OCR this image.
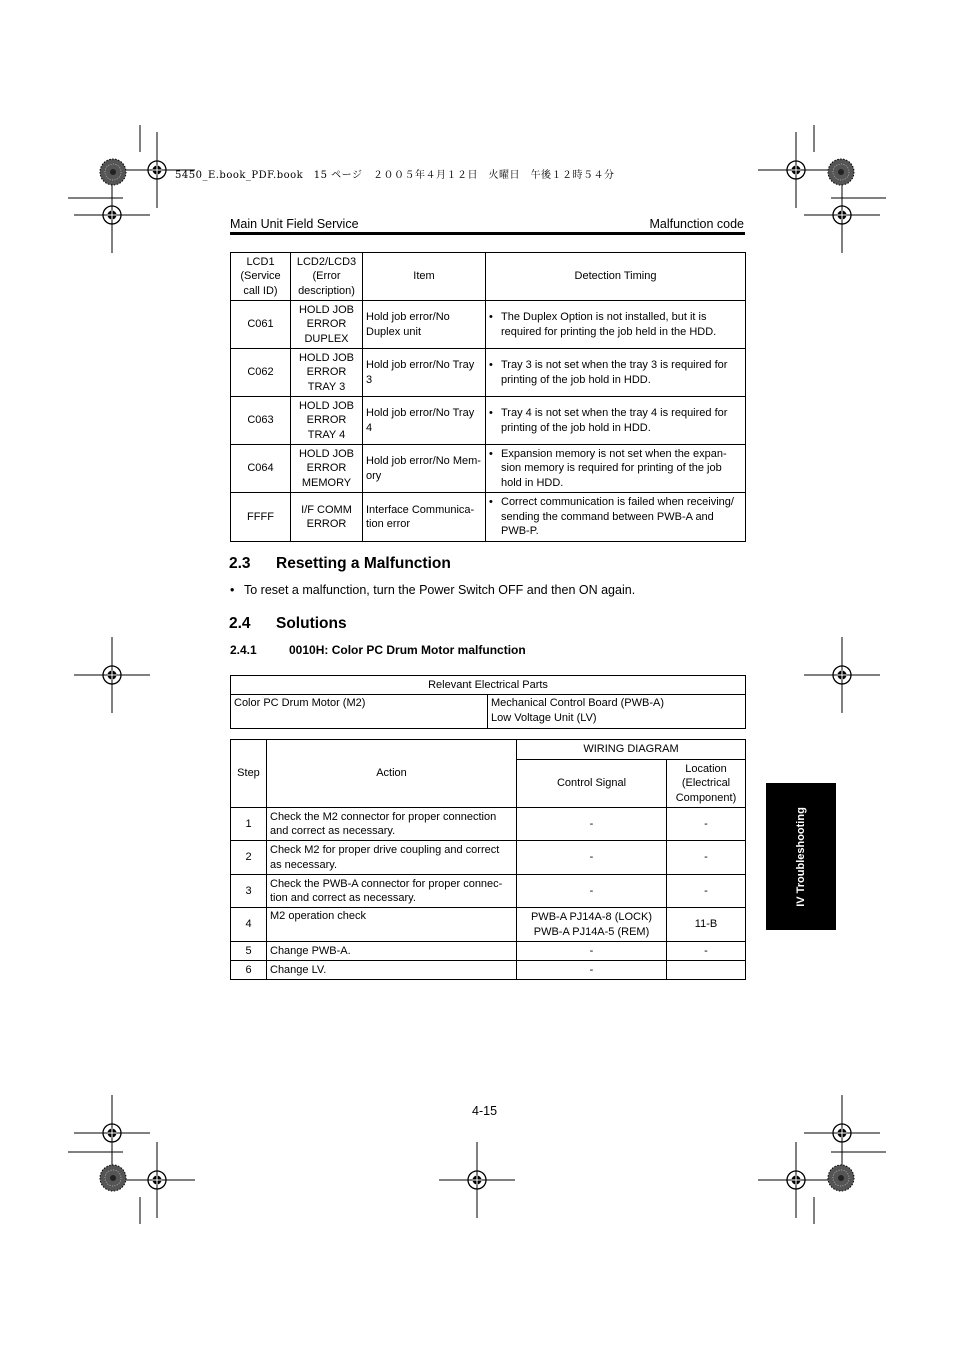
5450_E.book_PDF.book　15 ページ　２００５年４月１２日　火曜日　午後１２時５４分
Main Unit Field Service	Malfunction code
LCD1 (Service call ID)	LCD2/LCD3 (Error description)	Item	Detection Timing
C061	HOLD JOB ERROR DUPLEX	Hold job error/No Duplex unit	• The Duplex Option is not installed, but it is required for printing the job held in the HDD.

C062	HOLD JOB ERROR TRAY 3	Hold job error/No Tray 3	• Tray 3 is not set when the tray 3 is required for printing of the job hold in HDD.

C063	HOLD JOB ERROR TRAY 4	Hold job error/No Tray 4	• Tray 4 is not set when the tray 4 is required for printing of the job hold in HDD.

C064	HOLD JOB ERROR MEMORY	Hold job error/No Mem-ory	• Expansion memory is not set when the expan-sion memory is required for printing of the job hold in HDD.

FFFF	I/F COMM ERROR	Interface Communica-tion error	• Correct communication is failed when receiving/ sending the command between PWB-A and PWB-P.
2.3 Resetting a Malfunction
• To reset a malfunction, turn the Power Switch OFF and then ON again.
2.4 Solutions
2.4.1	0010H: Color PC Drum Motor malfunction
Relevant Electrical Parts
Color PC Drum Motor (M2)	Mechanical Control Board (PWB-A)
Low Voltage Unit (LV)
Step	Action	WIRING DIAGRAM	
		Control Signal	Location (Electrical Component)
1	Check the M2 connector for proper connection and correct as necessary.	-	-
2	Check M2 for proper drive coupling and correct as necessary.	-	-
3	Check the PWB-A connector for proper connec-tion and correct as necessary.	-	-
4	M2 operation check	PWB-A PJ14A-8 (LOCK)
PWB-A PJ14A-5 (REM)	11-B
5	Change PWB-A.	-	-
6	Change LV.	-	
IV Troubleshooting
4-15
